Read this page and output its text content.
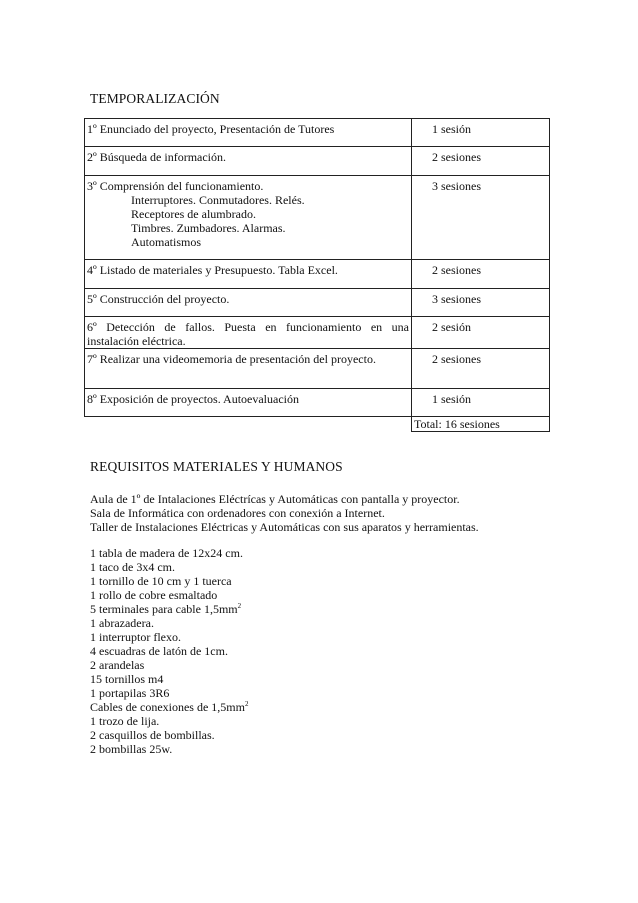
TEMPORALIZACIÓN
1º Enunciado del proyecto, Presentación de Tutores	1 sesión
2º Búsqueda de información.	2 sesiones

3º Comprensión del funcionamiento.
Interruptores. Conmutadores. Relés.
Receptores de alumbrado.
Timbres. Zumbadores. Alarmas.
Automatismos	3 sesiones
4º Listado de materiales y Presupuesto. Tabla Excel.	2 sesiones
5º Construcción del proyecto.	3 sesiones
6º Detección de fallos. Puesta en funcionamiento en una instalación eléctrica.	2 sesión
7º Realizar una videomemoria de presentación del proyecto.	2 sesiones
8º Exposición de proyectos. Autoevaluación	1 sesión
	Total: 16 sesiones
REQUISITOS MATERIALES Y HUMANOS
Aula de 1º de Intalaciones Eléctrícas y Automáticas con pantalla y proyector.
Sala de Informática con ordenadores con conexión a Internet.
Taller de Instalaciones Eléctricas y Automáticas con sus aparatos y herramientas.
1 tabla de madera de 12x24 cm.
1 taco de 3x4 cm.
1 tornillo de 10 cm y 1 tuerca
1 rollo de cobre esmaltado
5 terminales para cable $1,5mm^2$
1 abrazadera.
1 interruptor flexo.
4 escuadras de latón de 1cm.
2 arandelas
15 tornillos m4
1 portapilas 3R6
Cables de conexiones de $1,5mm^2$
1 trozo de lija.
2 casquillos de bombillas.
2 bombillas 25w.
